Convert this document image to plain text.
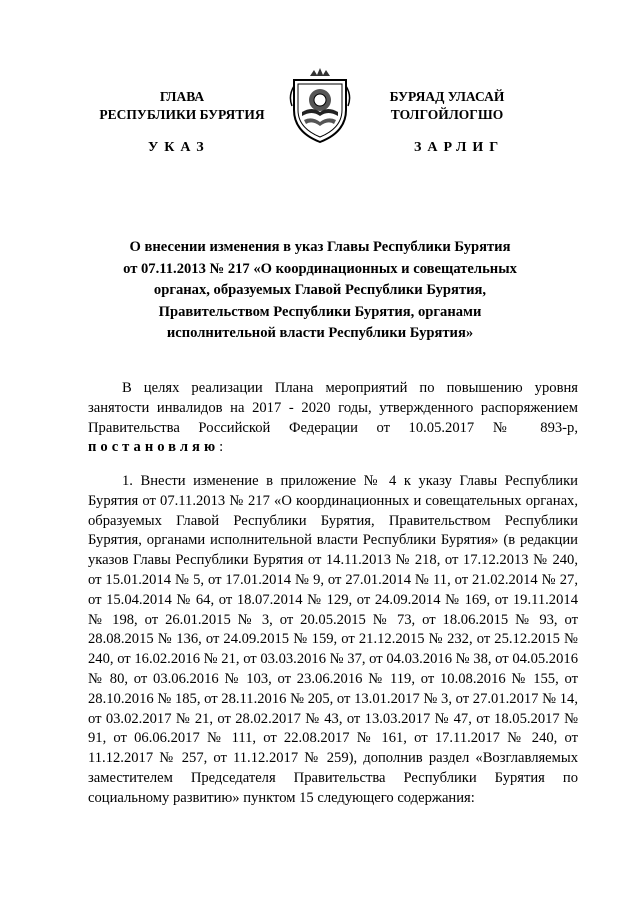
ГЛАВА
РЕСПУБЛИКИ БУРЯТИЯ
БУРЯАД УЛАСАЙ
ТОЛГОЙЛОГШО
УКАЗ	ЗАРЛИГ
О внесении изменения в указ Главы Республики Бурятия
от 07.11.2013 № 217 «О координационных и совещательных
органах, образуемых Главой Республики Бурятия,
Правительством Республики Бурятия, органами
исполнительной власти Республики Бурятия»
В целях реализации Плана мероприятий по повышению уровня занятости инвалидов на 2017 - 2020 годы, утвержденного распоряжением Правительства Российской Федерации от 10.05.2017 № 893-р, постановляю:
1. Внести изменение в приложение № 4 к указу Главы Республики Бурятия от 07.11.2013 № 217 «О координационных и совещательных органах, образуемых Главой Республики Бурятия, Правительством Республики Бурятия, органами исполнительной власти Республики Бурятия» (в редакции указов Главы Республики Бурятия от 14.11.2013 № 218, от 17.12.2013 № 240, от 15.01.2014 № 5, от 17.01.2014 № 9, от 27.01.2014 № 11, от 21.02.2014 № 27, от 15.04.2014 № 64, от 18.07.2014 № 129, от 24.09.2014 № 169, от 19.11.2014 № 198, от 26.01.2015 № 3, от 20.05.2015 № 73, от 18.06.2015 № 93, от 28.08.2015 № 136, от 24.09.2015 № 159, от 21.12.2015 № 232, от 25.12.2015 № 240, от 16.02.2016 № 21, от 03.03.2016 № 37, от 04.03.2016 № 38, от 04.05.2016 № 80, от 03.06.2016 № 103, от 23.06.2016 № 119, от 10.08.2016 № 155, от 28.10.2016 № 185, от 28.11.2016 № 205, от 13.01.2017 № 3, от 27.01.2017 № 14, от 03.02.2017 № 21, от 28.02.2017 № 43, от 13.03.2017 № 47, от 18.05.2017 № 91, от 06.06.2017 № 111, от 22.08.2017 № 161, от 17.11.2017 № 240, от 11.12.2017 № 257, от 11.12.2017 № 259), дополнив раздел «Возглавляемых заместителем Председателя Правительства Республики Бурятия по социальному развитию» пунктом 15 следующего содержания:
